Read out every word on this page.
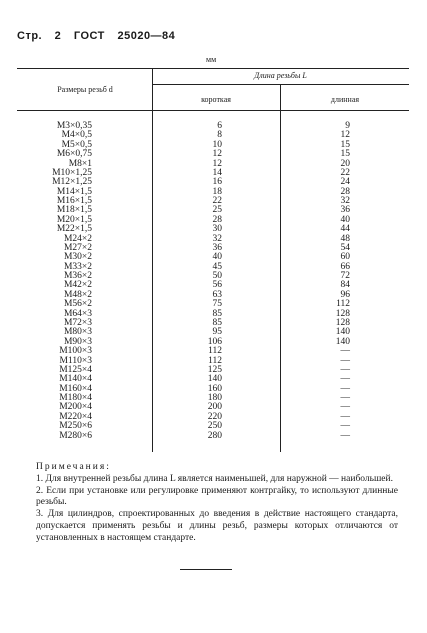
Стр. 2 ГОСТ 25020—84
мм
Размеры резьб d
Длина резьбы L
короткая	длинная
М3×0,35	6	9
М4×0,5	8	12
М5×0,5	10	15
М6×0,75	12	15
М8×1	12	20
М10×1,25	14	22
М12×1,25	16	24
М14×1,5	18	28
М16×1,5	22	32
М18×1,5	25	36
М20×1,5	28	40
М22×1,5	30	44
М24×2	32	48
М27×2	36	54
М30×2	40	60
М33×2	45	66
М36×2	50	72
М42×2	56	84
М48×2	63	96
М56×2	75	112
М64×3	85	128
М72×3	85	128
М80×3	95	140
М90×3	106	140
М100×3	112	—
М110×3	112	—
М125×4	125	—
М140×4	140	—
М160×4	160	—
М180×4	180	—
М200×4	200	—
М220×4	220	—
М250×6	250	—
М280×6	280	—
Примечания:
1. Для внутренней резьбы длина L является наименьшей, для наружной — наибольшей.
2. Если при установке или регулировке применяют контргайку, то используют длинные резьбы.
3. Для цилиндров, спроектированных до введения в действие настоящего стандарта, допускается применять резьбы и длины резьб, размеры которых отличаются от установленных в настоящем стандарте.
